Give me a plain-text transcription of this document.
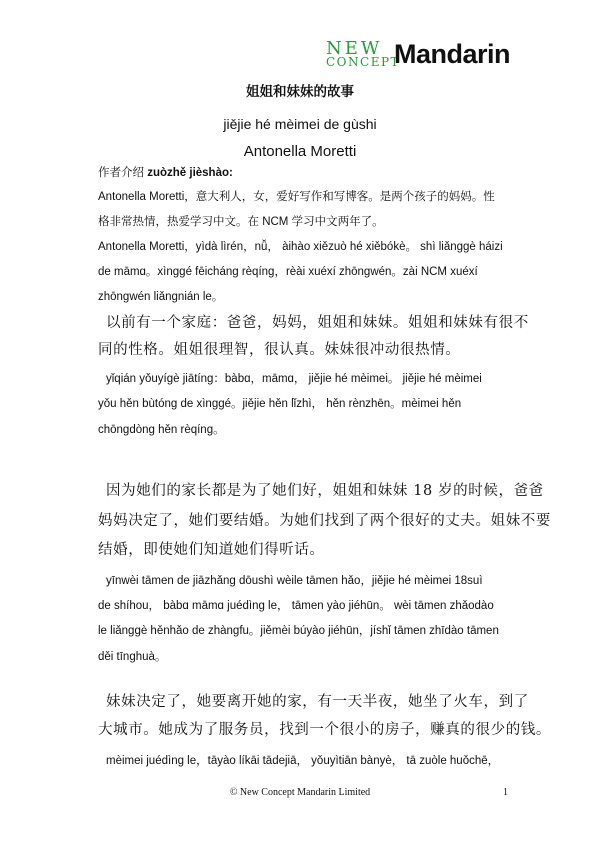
NEW
CONCEPT
Mandarin
姐姐和妹妹的故事
jiějie hé mèimei de gùshi
Antonella Moretti
作者介绍 zuòzhě jièshào:
Antonella Moretti，意大利人，女，爱好写作和写博客。是两个孩子的妈妈。性
格非常热情，热爱学习中文。在 NCM 学习中文两年了。
Antonella Moretti，yìdà lìrén，nǚ， àihào xiězuò hé xiěbókè。 shì liǎnggè háizi
de māmɑ。xìnggé fēicháng rèqíng，rèài xuéxí zhōngwén。zài NCM xuéxí
zhōngwén liǎngnián le。
以前有一个家庭：爸爸，妈妈，姐姐和妹妹。姐姐和妹妹有很不
同的性格。姐姐很理智，很认真。妹妹很冲动很热情。
yǐqián yǒuyígè jiātíng：bàbɑ，māmɑ， jiějie hé mèimei。 jiějie hé mèimei
yǒu hěn bùtóng de xìnggé。jiějie hěn lǐzhì， hěn rènzhēn。mèimei hěn
chōngdòng hěn rèqíng。
因为她们的家长都是为了她们好，姐姐和妹妹 18 岁的时候，爸爸
妈妈决定了，她们要结婚。为她们找到了两个很好的丈夫。姐妹不要
结婚，即使她们知道她们得听话。
yīnwèi tāmen de jiāzhǎng dōushì wèile tāmen hǎo，jiějie hé mèimei 18suì
de shíhou， bàbɑ māmɑ juédìng le， tāmen yào jiéhūn。 wèi tāmen zhǎodào
le liǎnggè hěnhǎo de zhàngfu。jiěmèi búyào jiéhūn，jíshǐ tāmen zhīdào tāmen
děi tīnghuà。
妹妹决定了，她要离开她的家，有一天半夜，她坐了火车，到了
大城市。她成为了服务员，找到一个很小的房子，赚真的很少的钱。
mèimei juédìng le，tāyào líkāi tādejiā， yǒuyìtiān bànyè， tā zuòle huǒchē，
© New Concept Mandarin Limited	1
